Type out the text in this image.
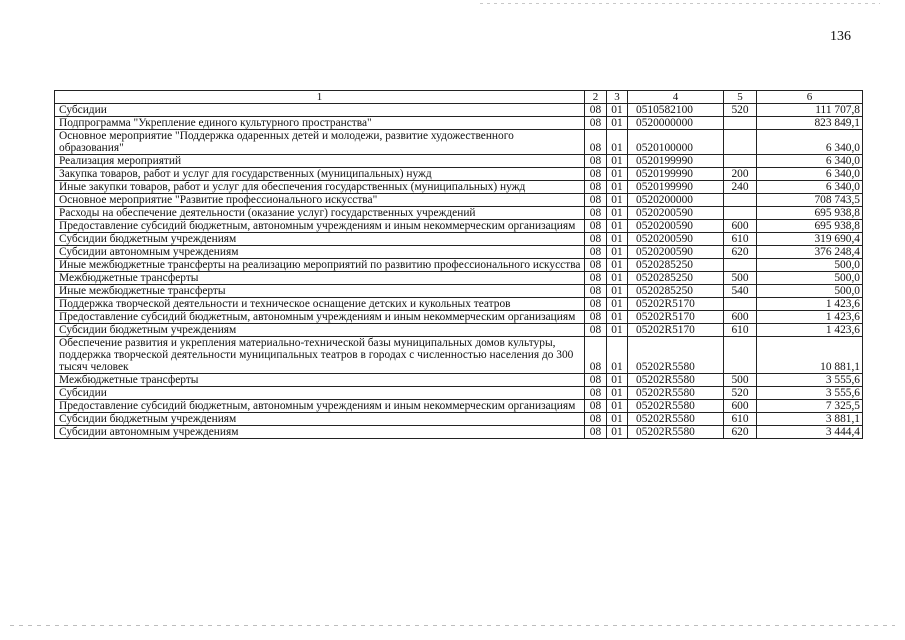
136
1	2	3	4	5	6
Субсидии	08	01	0510582100	520	111 707,8
Подпрограмма "Укрепление единого культурного пространства"	08	01	0520000000		823 849,1
Основное мероприятие "Поддержка одаренных детей и молодежи, развитие художественного образования"	08	01	0520100000		6 340,0
Реализация мероприятий	08	01	0520199990		6 340,0
Закупка товаров, работ и услуг для государственных (муниципальных) нужд	08	01	0520199990	200	6 340,0
Иные закупки товаров, работ и услуг для обеспечения государственных (муниципальных) нужд	08	01	0520199990	240	6 340,0
Основное мероприятие "Развитие профессионального искусства"	08	01	0520200000		708 743,5
Расходы на обеспечение деятельности (оказание услуг) государственных учреждений	08	01	0520200590		695 938,8
Предоставление субсидий бюджетным, автономным учреждениям и иным некоммерческим организациям	08	01	0520200590	600	695 938,8
Субсидии бюджетным учреждениям	08	01	0520200590	610	319 690,4
Субсидии автономным учреждениям	08	01	0520200590	620	376 248,4
Иные межбюджетные трансферты на реализацию мероприятий по развитию профессионального искусства	08	01	0520285250		500,0
Межбюджетные трансферты	08	01	0520285250	500	500,0
Иные межбюджетные трансферты	08	01	0520285250	540	500,0
Поддержка творческой деятельности и техническое оснащение детских и кукольных театров	08	01	05202R5170		1 423,6
Предоставление субсидий бюджетным, автономным учреждениям и иным некоммерческим организациям	08	01	05202R5170	600	1 423,6
Субсидии бюджетным учреждениям	08	01	05202R5170	610	1 423,6
Обеспечение развития и укрепления материально-технической базы муниципальных домов культуры, поддержка творческой деятельности муниципальных театров в городах с численностью населения до 300 тысяч человек	08	01	05202R5580		10 881,1
Межбюджетные трансферты	08	01	05202R5580	500	3 555,6
Субсидии	08	01	05202R5580	520	3 555,6
Предоставление субсидий бюджетным, автономным учреждениям и иным некоммерческим организациям	08	01	05202R5580	600	7 325,5
Субсидии бюджетным учреждениям	08	01	05202R5580	610	3 881,1
Субсидии автономным учреждениям	08	01	05202R5580	620	3 444,4
